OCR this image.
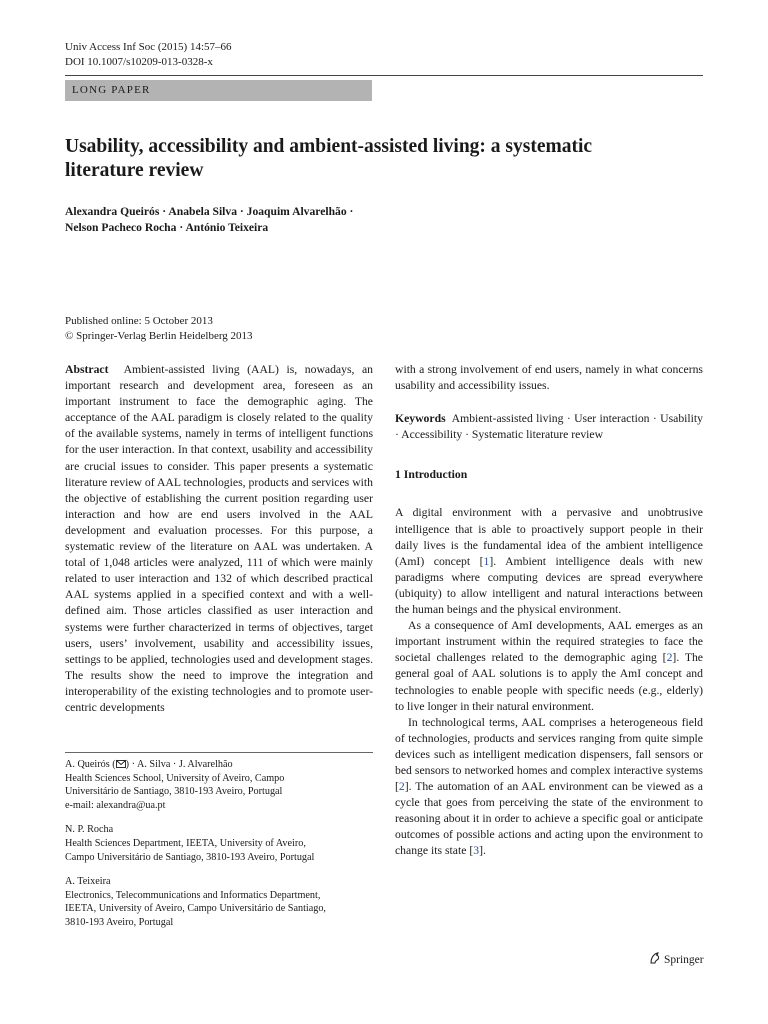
Univ Access Inf Soc (2015) 14:57–66
DOI 10.1007/s10209-013-0328-x
LONG PAPER
Usability, accessibility and ambient-assisted living: a systematic
literature review
Alexandra Queirós · Anabela Silva · Joaquim Alvarelhão ·
Nelson Pacheco Rocha · António Teixeira
Published online: 5 October 2013
© Springer-Verlag Berlin Heidelberg 2013

Abstract Ambient-assisted living (AAL) is, nowadays, an important research and development area, foreseen as an important instrument to face the demographic aging. The acceptance of the AAL paradigm is closely related to the quality of the available systems, namely in terms of intelligent functions for the user interaction. In that context, usability and accessibility are crucial issues to consider. This paper presents a systematic literature review of AAL technologies, products and services with the objective of establishing the current position regarding user interaction and how are end users involved in the AAL development and evaluation processes. For this purpose, a systematic review of the literature on AAL was undertaken. A total of 1,048 articles were analyzed, 111 of which were mainly related to user interaction and 132 of which described practical AAL systems applied in a specified context and with a well-defined aim. Those articles classified as user interaction and systems were further characterized in terms of objectives, target users, users’ involvement, usability and accessibility issues, settings to be applied, technologies used and development stages. The results show the need to improve the integration and interoperability of the existing technologies and to promote user-centric developments

A. Queirós ( ) · A. Silva · J. Alvarelhão
Health Sciences School, University of Aveiro, Campo
Universitário de Santiago, 3810-193 Aveiro, Portugal
e-mail: alexandra@ua.pt
N. P. Rocha
Health Sciences Department, IEETA, University of Aveiro,
Campo Universitário de Santiago, 3810-193 Aveiro, Portugal
A. Teixeira
Electronics, Telecommunications and Informatics Department,
IEETA, University of Aveiro, Campo Universitário de Santiago,
3810-193 Aveiro, Portugal

with a strong involvement of end users, namely in what concerns usability and accessibility issues.

Keywords Ambient-assisted living · User interaction · Usability · Accessibility · Systematic literature review

1 Introduction

A digital environment with a pervasive and unobtrusive intelligence that is able to proactively support people in their daily lives is the fundamental idea of the ambient intelligence (AmI) concept [1]. Ambient intelligence deals with new paradigms where computing devices are spread everywhere (ubiquity) to allow intelligent and natural interactions between the human beings and the physical environment.

As a consequence of AmI developments, AAL emerges as an important instrument within the required strategies to face the societal challenges related to the demographic aging [2]. The general goal of AAL solutions is to apply the AmI concept and technologies to enable people with specific needs (e.g., elderly) to live longer in their natural environment.

In technological terms, AAL comprises a heterogeneous field of technologies, products and services ranging from quite simple devices such as intelligent medication dispensers, fall sensors or bed sensors to networked homes and complex interactive systems [2]. The automation of an AAL environment can be viewed as a cycle that goes from perceiving the state of the environment to reasoning about it in order to achieve a specific goal or anticipate outcomes of possible actions and acting upon the environment to change its state [3].

Springer
